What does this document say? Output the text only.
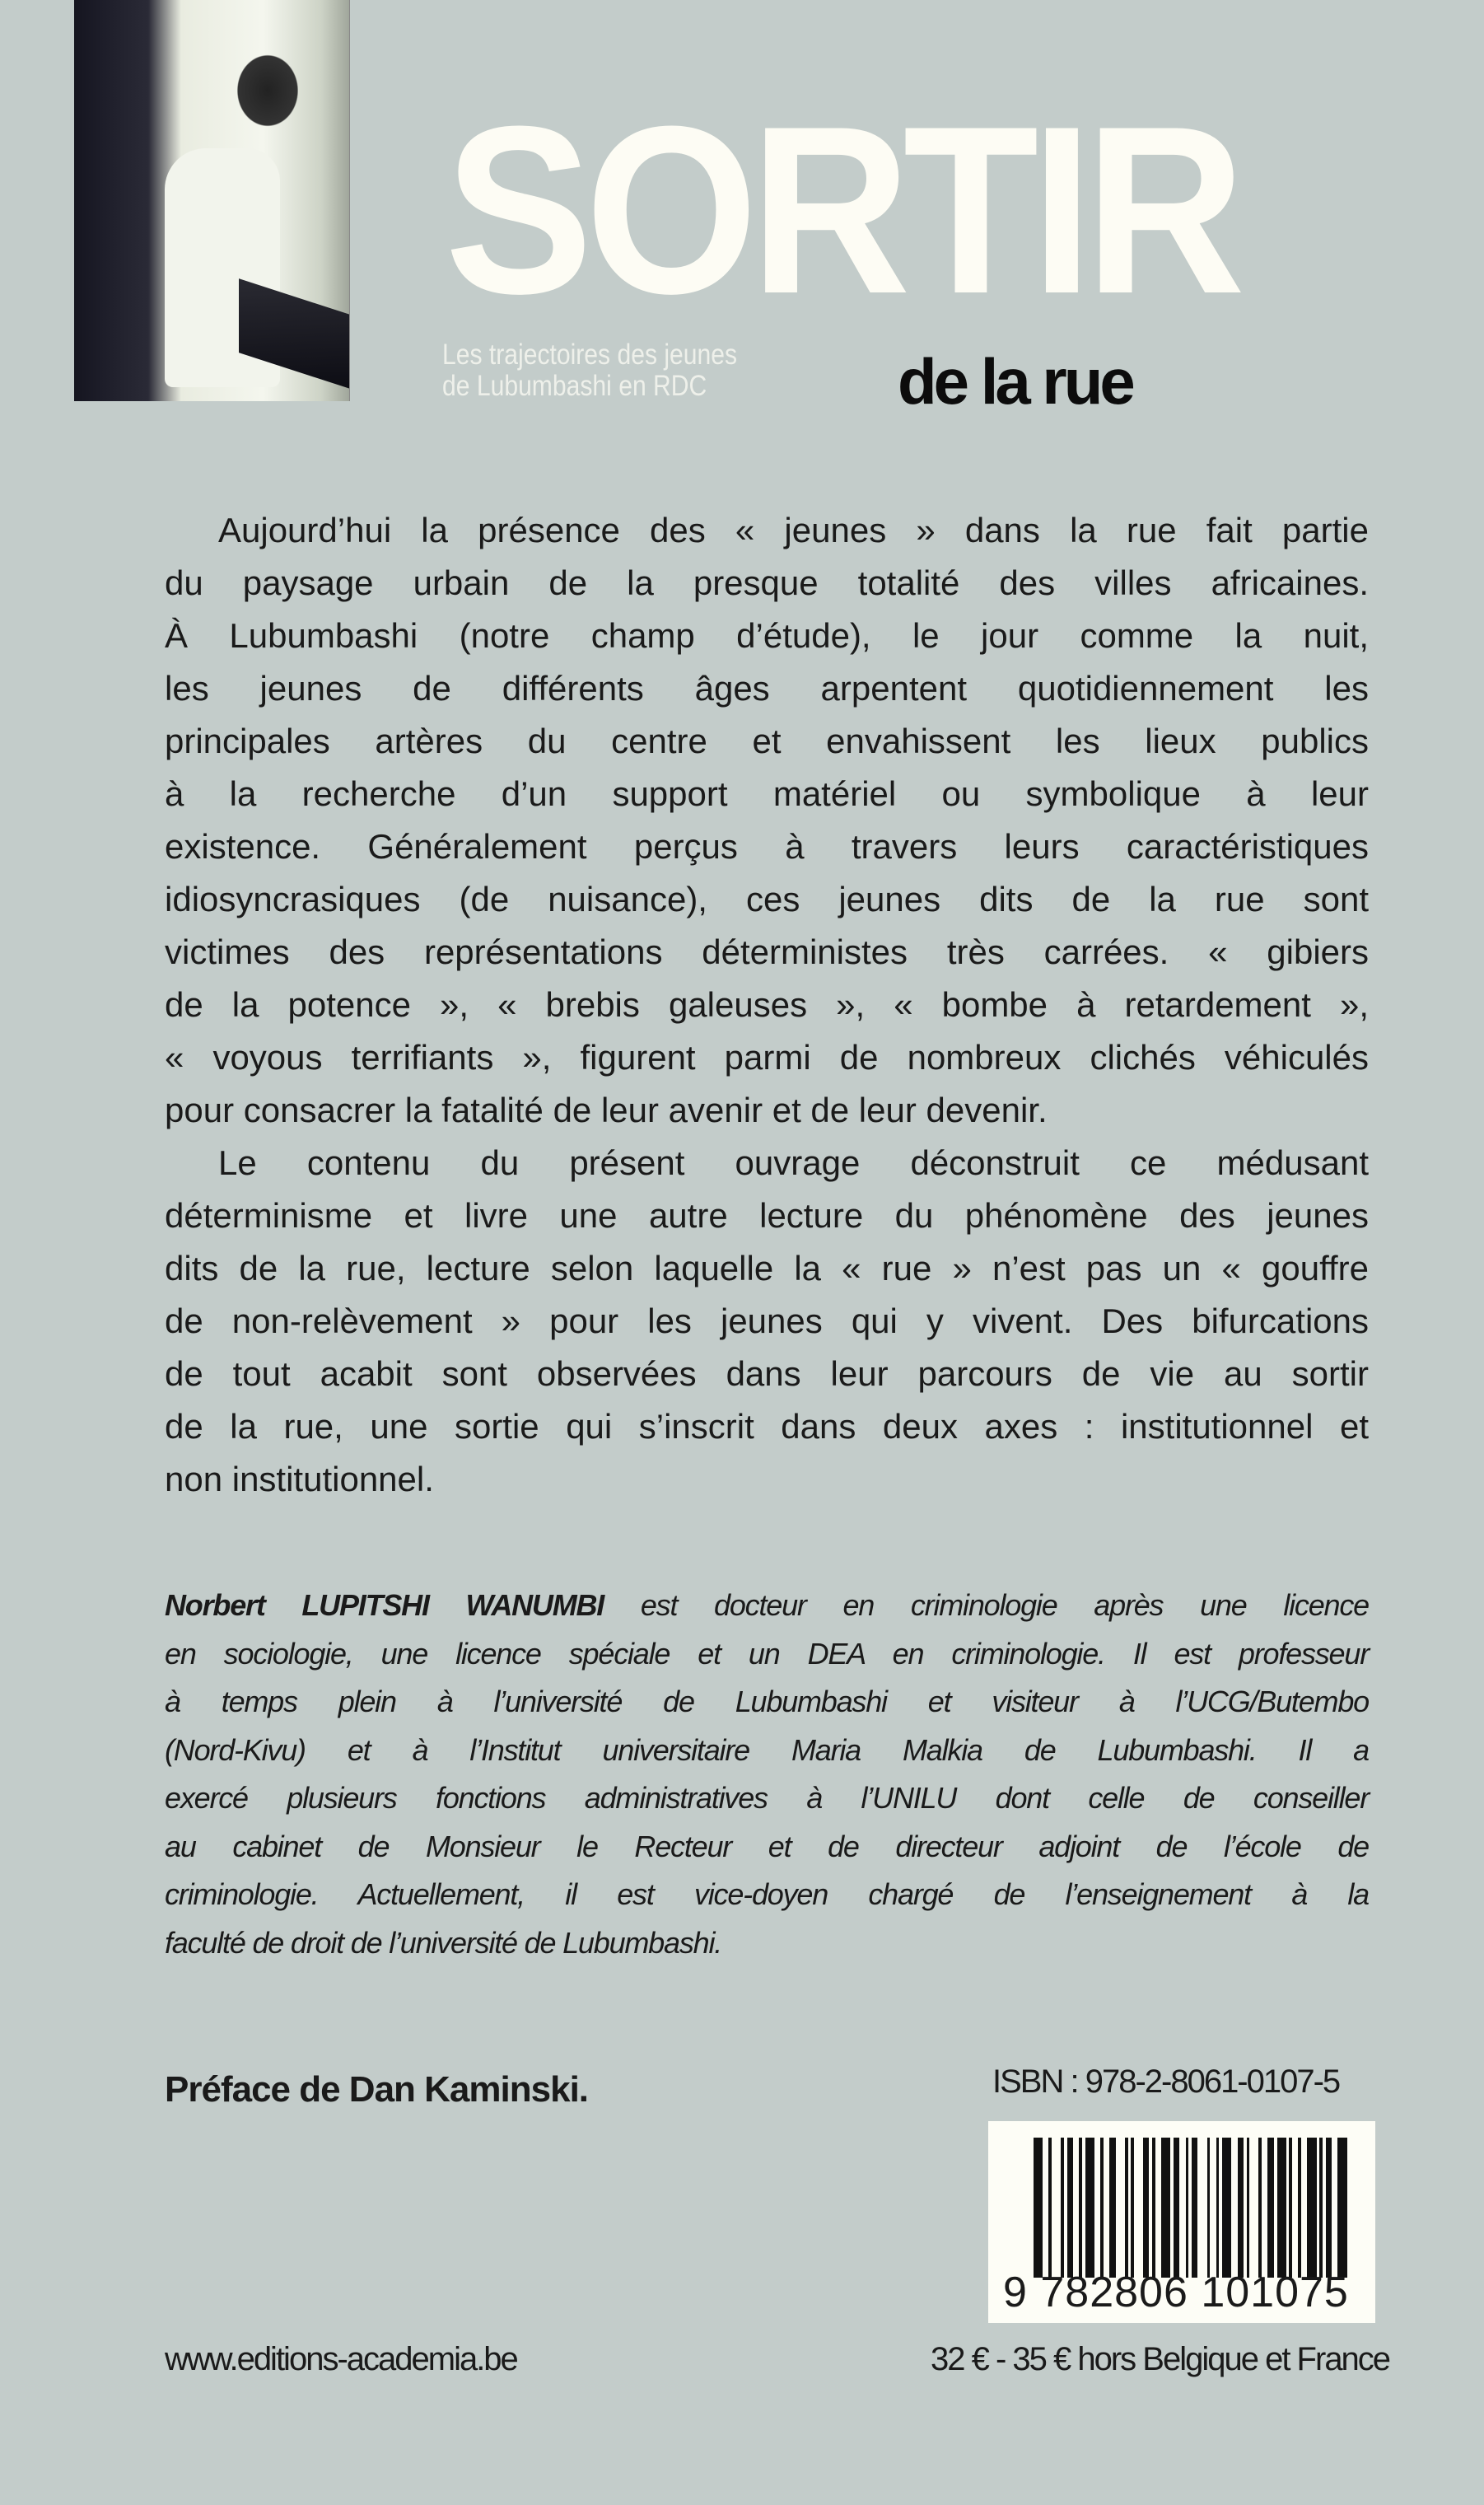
SORTIR
Les trajectoires des jeunes
de Lubumbashi en RDC	de la rue
Aujourd’hui la présence des « jeunes » dans la rue fait partie
du paysage urbain de la presque totalité des villes africaines.
À Lubumbashi (notre champ d’étude), le jour comme la nuit,
les jeunes de différents âges arpentent quotidiennement les
principales artères du centre et envahissent les lieux publics
à la recherche d’un support matériel ou symbolique à leur
existence. Généralement perçus à travers leurs caractéristiques
idiosyncrasiques (de nuisance), ces jeunes dits de la rue sont
victimes des représentations déterministes très carrées. « gibiers
de la potence », « brebis galeuses », « bombe à retardement »,
« voyous terrifiants », figurent parmi de nombreux clichés véhiculés
pour consacrer la fatalité de leur avenir et de leur devenir.
Le contenu du présent ouvrage déconstruit ce médusant
déterminisme et livre une autre lecture du phénomène des jeunes
dits de la rue, lecture selon laquelle la « rue » n’est pas un « gouffre
de non-relèvement » pour les jeunes qui y vivent. Des bifurcations
de tout acabit sont observées dans leur parcours de vie au sortir
de la rue, une sortie qui s’inscrit dans deux axes : institutionnel et
non institutionnel.
Norbert LUPITSHI WANUMBI est docteur en criminologie après une licence
en sociologie, une licence spéciale et un DEA en criminologie. Il est professeur
à temps plein à l’université de Lubumbashi et visiteur à l’UCG/Butembo
(Nord-Kivu) et à l’Institut universitaire Maria Malkia de Lubumbashi. Il a
exercé plusieurs fonctions administratives à l’UNILU dont celle de conseiller
au cabinet de Monsieur le Recteur et de directeur adjoint de l’école de
criminologie. Actuellement, il est vice-doyen chargé de l’enseignement à la
faculté de droit de l’université de Lubumbashi.
Préface de Dan Kaminski.	ISBN : 978-2-8061-0107-5
9 782806 101075
www.editions-academia.be	32 € - 35 € hors Belgique et France
